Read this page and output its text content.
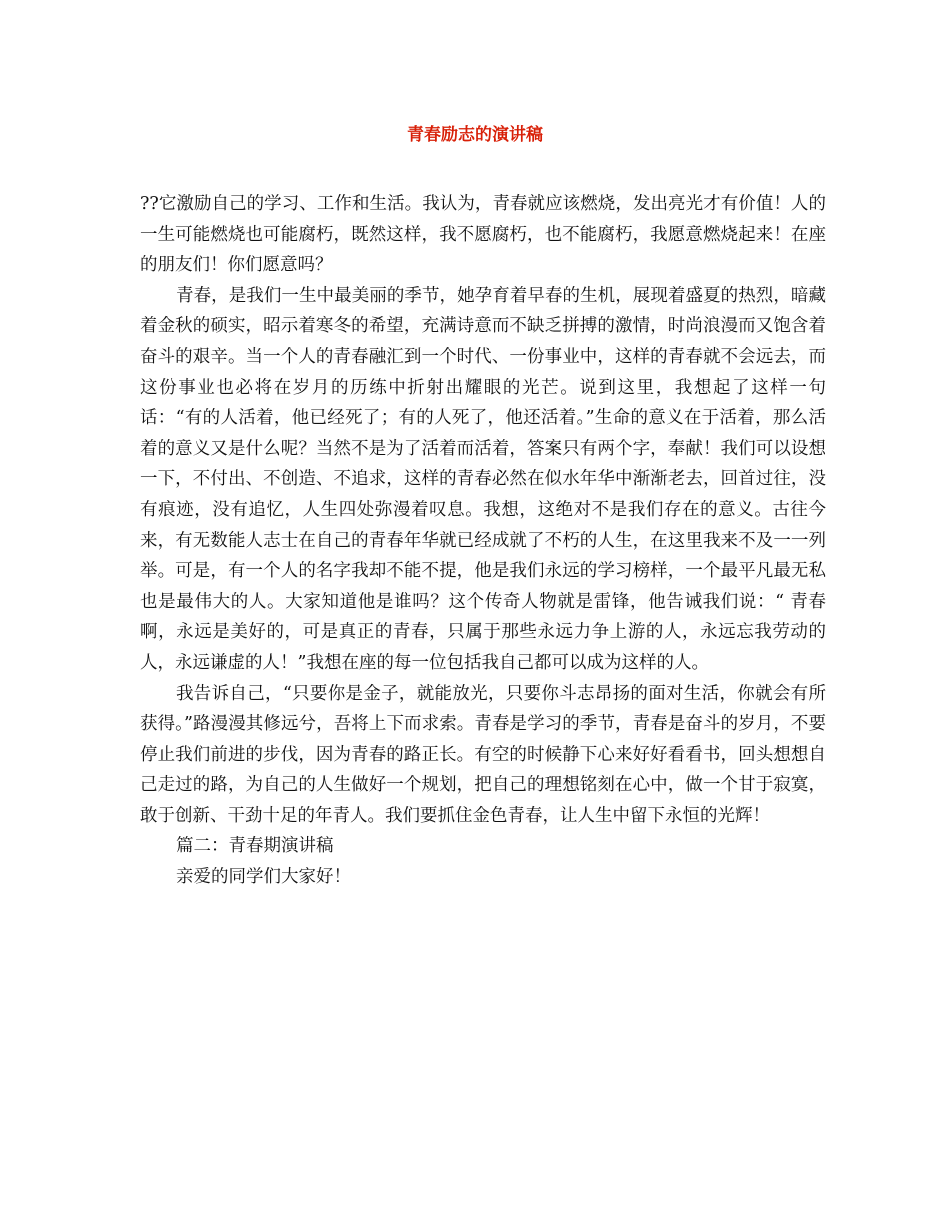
青春励志的演讲稿

??它激励自己的学习、工作和生活。我认为，青春就应该燃烧，发出亮光才有价值！人的一生可能燃烧也可能腐朽，既然这样，我不愿腐朽，也不能腐朽，我愿意燃烧起来！在座的朋友们！你们愿意吗？

青春，是我们一生中最美丽的季节，她孕育着早春的生机，展现着盛夏的热烈，暗藏着金秋的硕实，昭示着寒冬的希望，充满诗意而不缺乏拼搏的激情，时尚浪漫而又饱含着奋斗的艰辛。当一个人的青春融汇到一个时代、一份事业中，这样的青春就不会远去，而这份事业也必将在岁月的历练中折射出耀眼的光芒。说到这里，我想起了这样一句话：“有的人活着，他已经死了；有的人死了，他还活着。”生命的意义在于活着，那么活着的意义又是什么呢？当然不是为了活着而活着，答案只有两个字，奉献！我们可以设想一下，不付出、不创造、不追求，这样的青春必然在似水年华中渐渐老去，回首过往，没有痕迹，没有追忆，人生四处弥漫着叹息。我想，这绝对不是我们存在的意义。古往今来，有无数能人志士在自己的青春年华就已经成就了不朽的人生，在这里我来不及一一列举。可是，有一个人的名字我却不能不提，他是我们永远的学习榜样，一个最平凡最无私也是最伟大的人。大家知道他是谁吗？这个传奇人物就是雷锋，他告诫我们说：“ 青春啊，永远是美好的，可是真正的青春，只属于那些永远力争上游的人，永远忘我劳动的人，永远谦虚的人！”我想在座的每一位包括我自己都可以成为这样的人。

我告诉自己，“只要你是金子，就能放光，只要你斗志昂扬的面对生活，你就会有所获得。”路漫漫其修远兮，吾将上下而求索。青春是学习的季节，青春是奋斗的岁月，不要停止我们前进的步伐，因为青春的路正长。有空的时候静下心来好好看看书，回头想想自己走过的路，为自己的人生做好一个规划，把自己的理想铭刻在心中，做一个甘于寂寞，敢于创新、干劲十足的年青人。我们要抓住金色青春，让人生中留下永恒的光辉！

篇二：青春期演讲稿

亲爱的同学们大家好！
